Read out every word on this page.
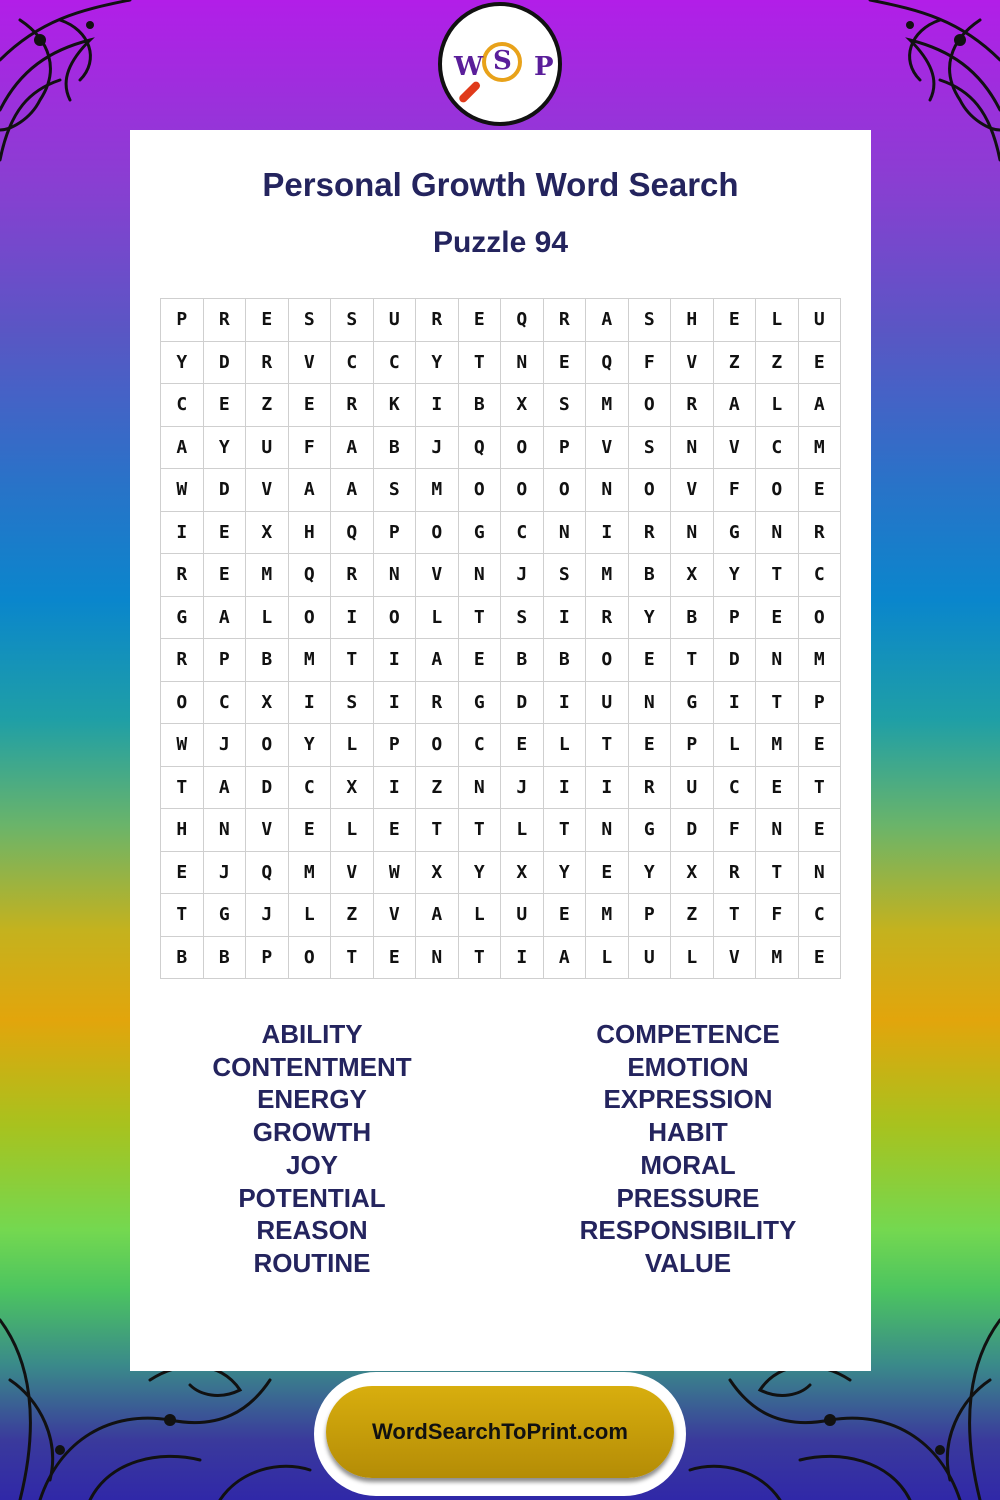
W S P
Personal Growth Word Search
Puzzle 94
P	R	E	S	S	U	R	E	Q	R	A	S	H	E	L	U
Y	D	R	V	C	C	Y	T	N	E	Q	F	V	Z	Z	E
C	E	Z	E	R	K	I	B	X	S	M	O	R	A	L	A
A	Y	U	F	A	B	J	Q	O	P	V	S	N	V	C	M
W	D	V	A	A	S	M	O	O	O	N	O	V	F	O	E
I	E	X	H	Q	P	O	G	C	N	I	R	N	G	N	R
R	E	M	Q	R	N	V	N	J	S	M	B	X	Y	T	C
G	A	L	O	I	O	L	T	S	I	R	Y	B	P	E	O
R	P	B	M	T	I	A	E	B	B	O	E	T	D	N	M
O	C	X	I	S	I	R	G	D	I	U	N	G	I	T	P
W	J	O	Y	L	P	O	C	E	L	T	E	P	L	M	E
T	A	D	C	X	I	Z	N	J	I	I	R	U	C	E	T
H	N	V	E	L	E	T	T	L	T	N	G	D	F	N	E
E	J	Q	M	V	W	X	Y	X	Y	E	Y	X	R	T	N
T	G	J	L	Z	V	A	L	U	E	M	P	Z	T	F	C
B	B	P	O	T	E	N	T	I	A	L	U	L	V	M	E
ABILITY
CONTENTMENT
ENERGY
GROWTH
JOY
POTENTIAL
REASON
ROUTINE
COMPETENCE
EMOTION
EXPRESSION
HABIT
MORAL
PRESSURE
RESPONSIBILITY
VALUE
WordSearchToPrint.com
